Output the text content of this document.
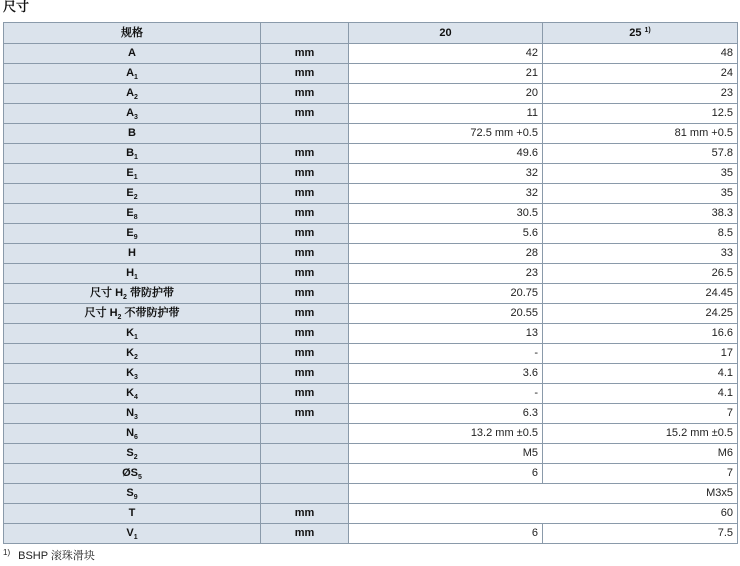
尺寸
规格		20	25 $^{1)}$
A	mm	42	48
$A_1$	mm	21	24
$A_2$	mm	20	23
$A_3$	mm	11	12.5
B		72.5 mm +0.5	81 mm +0.5
$B_1$	mm	49.6	57.8
$E_1$	mm	32	35
$E_2$	mm	32	35
$E_8$	mm	30.5	38.3
$E_9$	mm	5.6	8.5
H	mm	28	33
$H_1$	mm	23	26.5
尺寸 $H_2$ 带防护带	mm	20.75	24.45
尺寸 $H_2$ 不带防护带	mm	20.55	24.25
$K_1$	mm	13	16.6
$K_2$	mm	-	17
$K_3$	mm	3.6	4.1
$K_4$	mm	-	4.1
$N_3$	mm	6.3	7
$N_6$		13.2 mm ±0.5	15.2 mm ±0.5
$S_2$		M5	M6
$ØS_5$		6	7
$S_9$		M3x5	
T	mm	60	
$V_1$	mm	6	7.5
$^{1)}$ BSHP 滚珠滑块
